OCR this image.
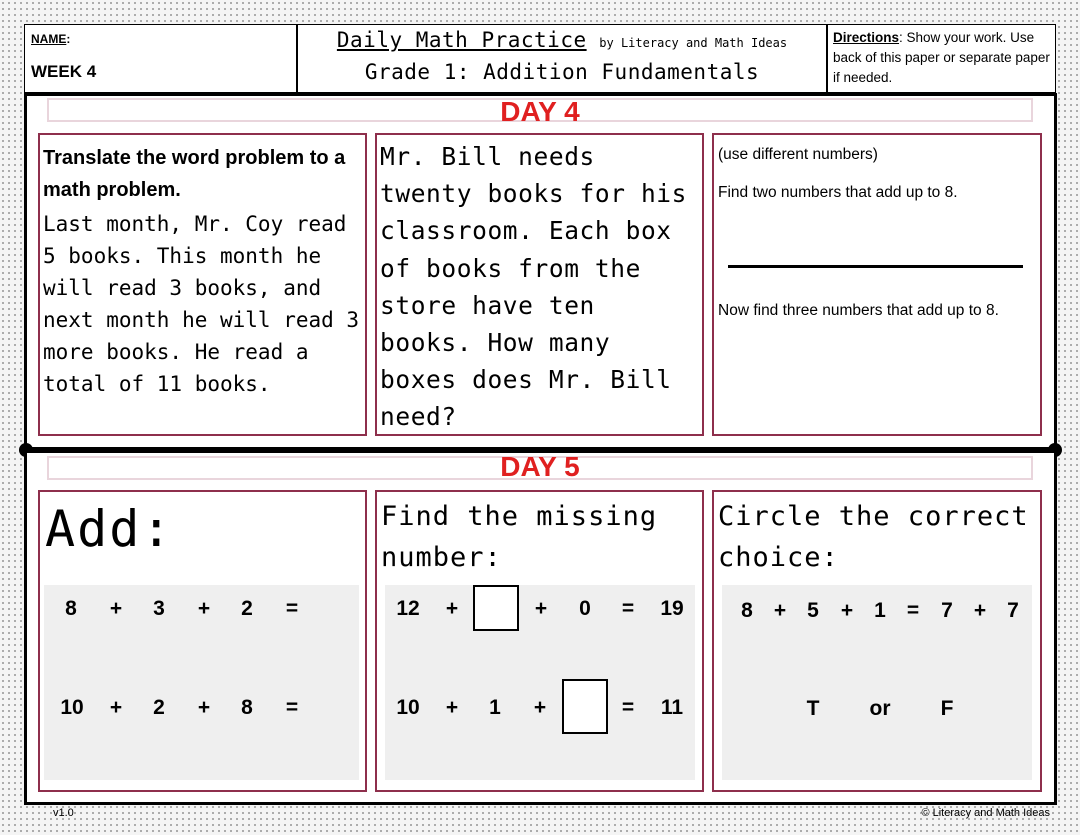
NAME:
WEEK 4
Daily Math Practice by Literacy and Math Ideas
Grade 1: Addition Fundamentals
Directions: Show your work. Use back of this paper or separate paper if needed.
DAY 4
Translate the word problem to a math problem.
Last month, Mr. Coy read 5 books. This month he will read 3 books, and next month he will read 3 more books. He read a total of 11 books.
Mr. Bill needs twenty books for his classroom. Each box of books from the store have ten books. How many boxes does Mr. Bill need?
(use different numbers)
Find two numbers that add up to 8.
Now find three numbers that add up to 8.
DAY 5
Add:	Find the missing number:
Circle the correct choice:
8	+	3	+	2	=
10	+	2	+	8	=
12	+	+	0	=	19
10	+	1	+	=	11
8	+	5	+	1	=	7	+	7
T	or	F
v1.0	© Literacy and Math Ideas
